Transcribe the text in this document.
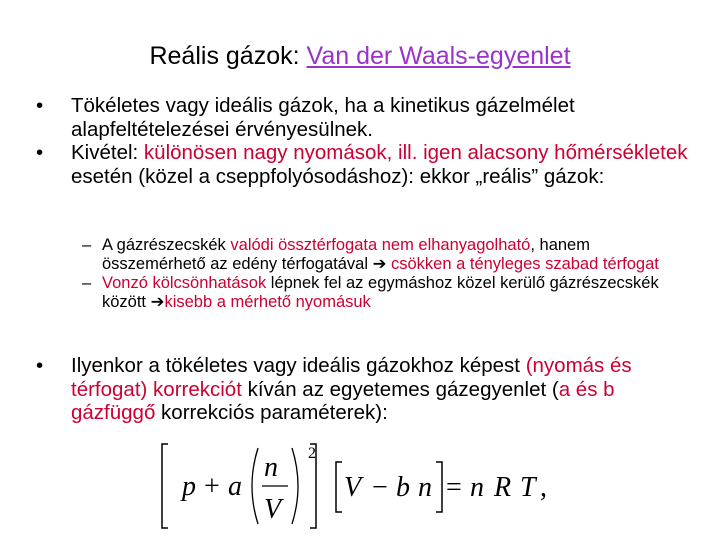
Reális gázok: Van der Waals-egyenlet
• Tökéletes vagy ideális gázok, ha a kinetikus gázelmélet alapfeltételezései érvényesülnek.
• Kivétel: különösen nagy nyomások, ill. igen alacsony hőmérsékletek esetén (közel a cseppfolyósodáshoz): ekkor „reális” gázok:
– A gázrészecskék valódi össztérfogata nem elhanyagolható, hanem összemérhető az edény térfogatával ➔ csökken a tényleges szabad térfogat
– Vonzó kölcsönhatások lépnek fel az egymáshoz közel kerülő gázrészecskék között ➔kisebb a mérhető nyomásuk
• Ilyenkor a tökéletes vagy ideális gázokhoz képest (nyomás és térfogat) korrekciót kíván az egyetemes gázegyenlet (a és b gázfüggő korrekciós paraméterek):
p + a
n
V
2
V − b n = n R T ,
